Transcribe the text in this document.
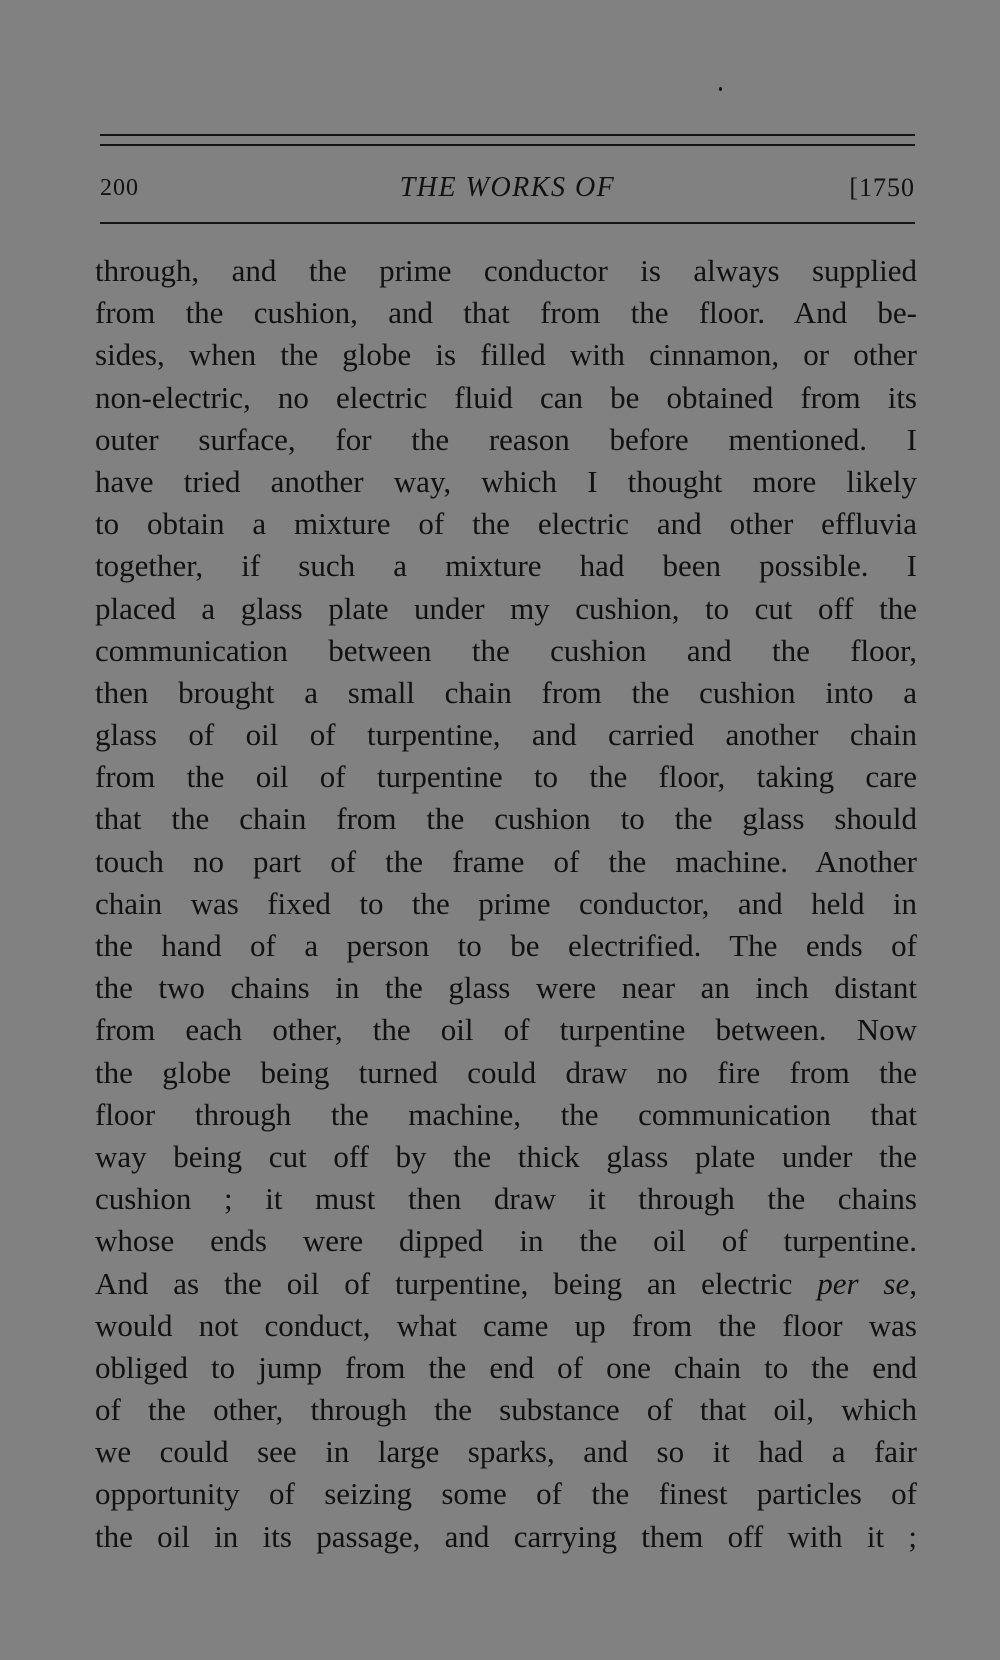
200	THE WORKS OF	[1750
through, and the prime conductor is always supplied
from the cushion, and that from the floor. And be-
sides, when the globe is filled with cinnamon, or other
non-electric, no electric fluid can be obtained from its
outer surface, for the reason before mentioned. I
have tried another way, which I thought more likely
to obtain a mixture of the electric and other effluvia
together, if such a mixture had been possible. I
placed a glass plate under my cushion, to cut off the
communication between the cushion and the floor,
then brought a small chain from the cushion into a
glass of oil of turpentine, and carried another chain
from the oil of turpentine to the floor, taking care
that the chain from the cushion to the glass should
touch no part of the frame of the machine. Another
chain was fixed to the prime conductor, and held in
the hand of a person to be electrified. The ends of
the two chains in the glass were near an inch distant
from each other, the oil of turpentine between. Now
the globe being turned could draw no fire from the
floor through the machine, the communication that
way being cut off by the thick glass plate under the
cushion ; it must then draw it through the chains
whose ends were dipped in the oil of turpentine.
And as the oil of turpentine, being an electric per se,
would not conduct, what came up from the floor was
obliged to jump from the end of one chain to the end
of the other, through the substance of that oil, which
we could see in large sparks, and so it had a fair
opportunity of seizing some of the finest particles of
the oil in its passage, and carrying them off with it ;
